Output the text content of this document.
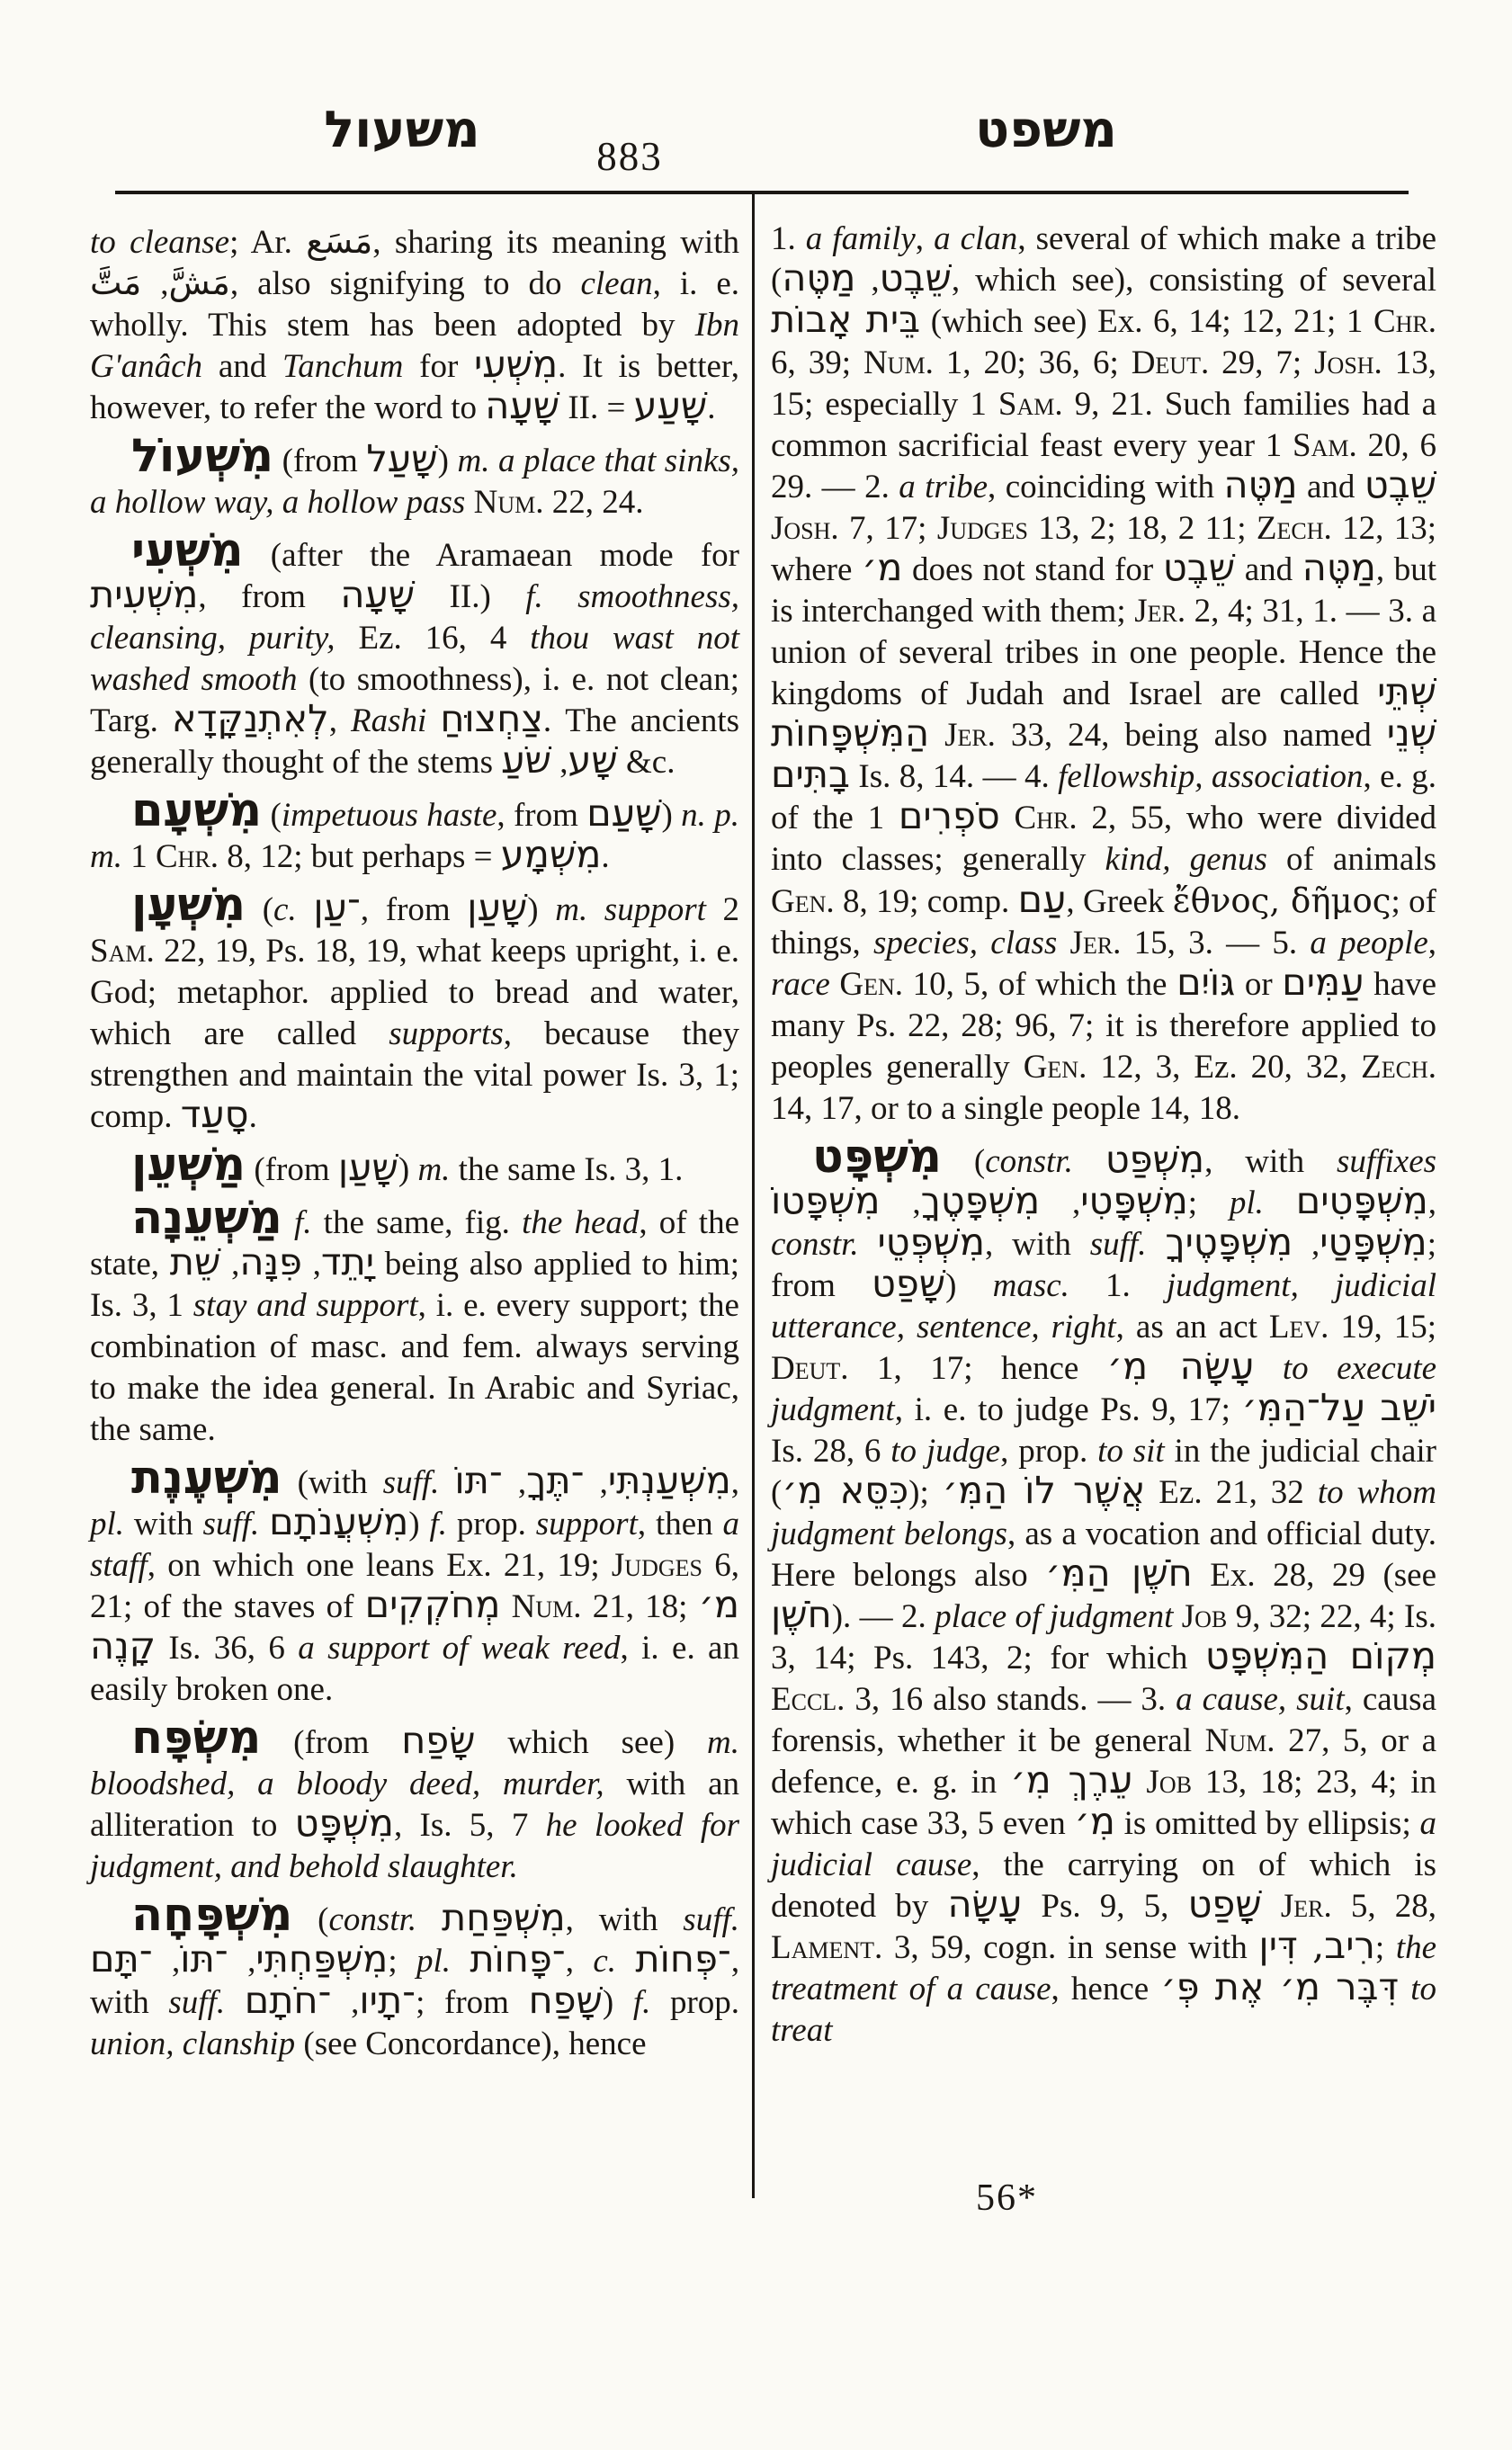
משעול	883	משפט

to cleanse; Ar. مَسَع, sharing its meaning with مَشَّ, مَتَّ	, also signifying to do clean, i. e. wholly. This stem has been adopted by Ibn G'anâch and Tanchum for מִשְׁעִי. It is better, however, to refer the word to שָׁעָה II. = שָׁעַע.

מִשְׁעוֹל (from שָׁעַל) m. a place that sinks, a hollow way, a hollow pass Num. 22, 24.

מִשְׁעִי (after the Aramaean mode for מִשְׁעִית, from שָׁעָה II.) f. smoothness, cleansing, purity, Ez. 16, 4 thou wast not washed smooth (to smoothness), i. e. not clean; Targ. לְאִתְנַקָּדָא, Rashi צַחְצוּחַ. The ancients generally thought of the stems שָׁע, שֹׁעַ &c.

מִשְׁעָם (impetuous haste, from שָׁעַם) n. p. m. 1 Chr. 8, 12; but perhaps = מִשְׁמָע.

מִשְׁעָן (c. ־עַן, from שָׁעַן) m. support 2 Sam. 22, 19, Ps. 18, 19, what keeps upright, i. e. God; metaphor. applied to bread and water, which are called supports, because they strengthen and maintain the vital power Is. 3, 1; comp. סָעַד.

מַשְׁעֵן (from שָׁעַן) m. the same Is. 3, 1.

מַשְׁעֵנָה f. the same, fig. the head, of the state,	יָתֵד, פִּנָּה, שֵׁת	being also applied to him; Is. 3, 1 stay and support, i. e. every support; the combination of masc. and fem. always serving to make the idea general. In Arabic and Syriac, the same.

מִשְׁעֶנֶת (with suff.	מִשְׁעַנְתִּי, ־תֶּךָ, ־תּוֹ	, pl. with suff. מִשְׁעֲנֹתָם) f. prop. support, then a staff, on which one leans Ex. 21, 19; Judges 6, 21; of the staves of מְחֹקְקִים Num. 21, 18; מ׳ קָנֶה Is. 36, 6 a support of weak reed, i. e. an easily broken one.

מִשְׂפָּח (from שָׂפַח which see) m. bloodshed, a bloody deed, murder, with an alliteration to מִשְׁפָּט, Is. 5, 7 he looked for judgment, and behold slaughter.

מִשְׁפָּחָה (constr. מִשְׁפַּחַת, with suff. מִשְׁפַּחְתִּי, ־תּוֹ, ־תָּם	; pl. ־פָּחוֹת, c. ־פְּחוֹת, with suff.	־תָיו, ־חֹתָם	; from שָׁפַח) f. prop. union, clanship (see Concordance), hence

1. a family, a clan, several of which make a tribe (	שֵׁבֶט, מַטֶּה	, which see), consisting of several בֵּית אָבוֹת (which see) Ex. 6, 14; 12, 21; 1 Chr. 6, 39; Num. 1, 20; 36, 6; Deut. 29, 7; Josh. 13, 15; especially 1 Sam. 9, 21. Such families had a common sacrificial feast every year 1 Sam. 20, 6 29. — 2. a tribe, coinciding with מַטֶּה and שֵׁבֶט Josh. 7, 17; Judges 13, 2; 18, 2 11; Zech. 12, 13; where מ׳ does not stand for שֵׁבֶט and מַטֶּה, but is interchanged with them; Jer. 2, 4; 31, 1. — 3. a union of several tribes in one people. Hence the kingdoms of Judah and Israel are called שְׁתֵּי הַמִּשְׁפָּחוֹת Jer. 33, 24, being also named שְׁנֵי בָתִּים Is. 8, 14. — 4. fellowship, association, e. g. of the סֹפְרִים 1 Chr. 2, 55, who were divided into classes; generally kind, genus of animals Gen. 8, 19; comp. עַם, Greek ἔθνος, δῆμος; of things, species, class Jer. 15, 3. — 5. a people, race Gen. 10, 5, of which the גּוֹיִם or עַמִּים have many Ps. 22, 28; 96, 7; it is therefore applied to peoples generally Gen. 12, 3, Ez. 20, 32, Zech. 14, 17, or to a single people 14, 18.

מִשְׁפָּט (constr. מִשְׁפַּט, with suffixes מִשְׁפָּטִי, מִשְׁפָּטֶךָ, מִשְׁפָּטוֹ	; pl. מִשְׁפָּטִים, constr. מִשְׁפְּטֵי, with suff.	מִשְׁפָּטַי, מִשְׁפָּטֶיךָ	; from שָׁפַט) masc. 1. judgment, judicial utterance, sentence, right, as an act Lev. 19, 15; Deut. 1, 17; hence עָשָׂה מִ׳ to execute judgment, i. e. to judge Ps. 9, 17; יֹשֵׁב עַל־הַמִּ׳ Is. 28, 6 to judge, prop. to sit in the judicial chair (כִּסֵּא מִ׳); אֲשֶׁר לוֹ הַמִּ׳ Ez. 21, 32 to whom judgment belongs, as a vocation and official duty. Here belongs also חֹשֶׁן הַמִּ׳ Ex. 28, 29 (see חֹשֶׁן). — 2. place of judgment Job 9, 32; 22, 4; Is. 3, 14; Ps. 143, 2; for which מְקוֹם הַמִּשְׁפָּט Eccl. 3, 16 also stands. — 3. a cause, suit, causa forensis, whether it be general Num. 27, 5, or a defence, e. g. in עֵרֶךְ מִ׳ Job 13, 18; 23, 4; in which case 33, 5 even מִ׳ is omitted by ellipsis; a judicial cause, the carrying on of which is denoted by עָשָׂה Ps. 9, 5, שָׁפַט Jer. 5, 28, Lament. 3, 59, cogn. in sense with רִיב, דִּין; the treatment of a cause, hence דִּבֶּר מִ׳ אֶת פְּ׳ to treat

56*
